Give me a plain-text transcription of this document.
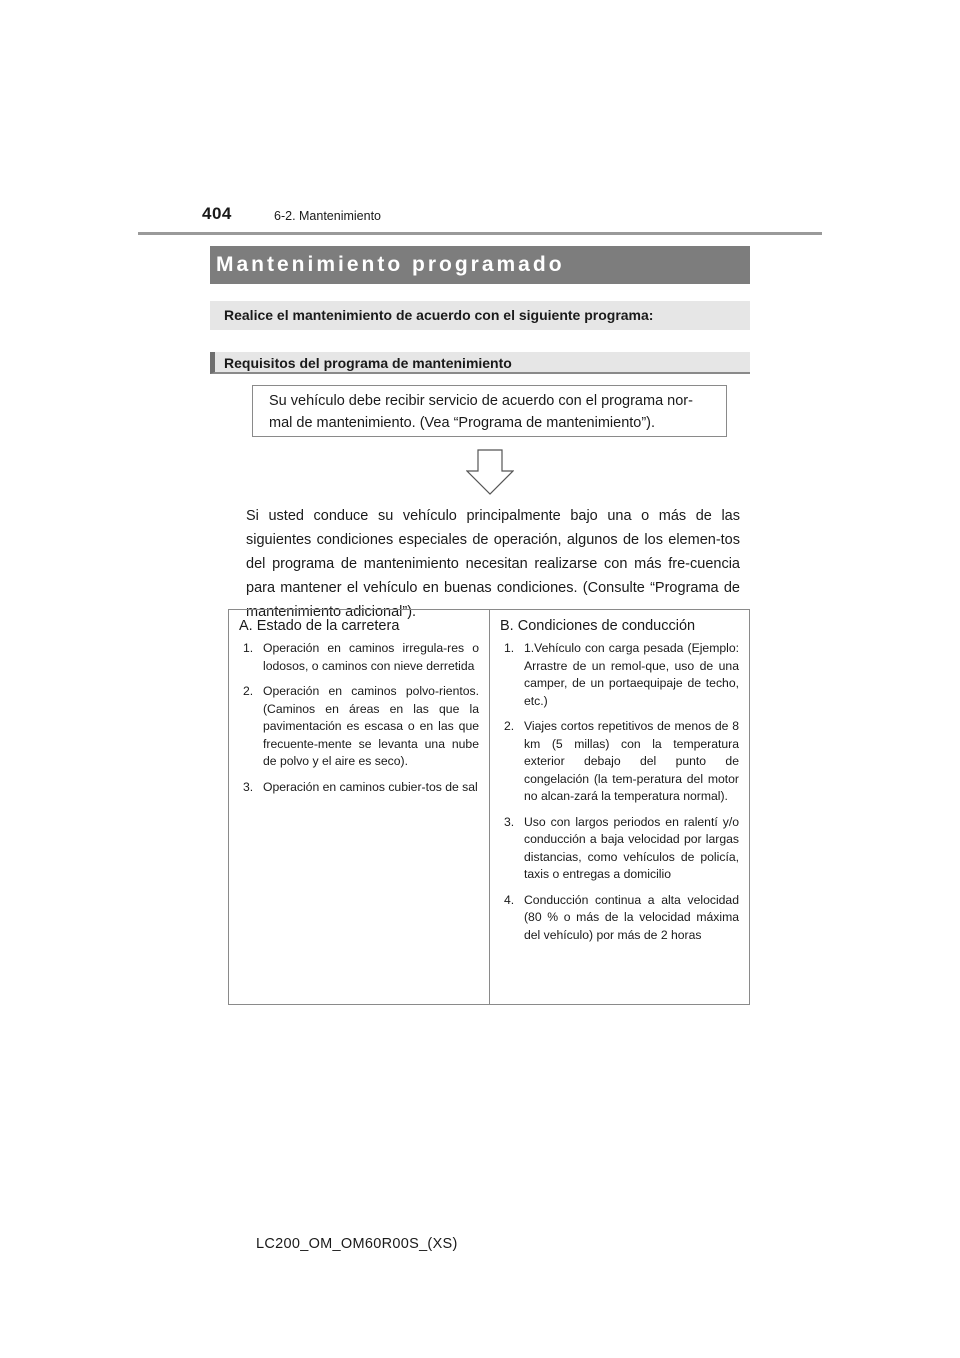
404	6-2. Mantenimiento
Mantenimiento programado
Realice el mantenimiento de acuerdo con el siguiente programa:
Requisitos del programa de mantenimiento
Su vehículo debe recibir servicio de acuerdo con el programa nor-mal de mantenimiento. (Vea “Programa de mantenimiento”).

Si usted conduce su vehículo principalmente bajo una o más de las siguientes condiciones especiales de operación, algunos de los elemen-tos del programa de mantenimiento necesitan realizarse con más fre-cuencia para mantener el vehículo en buenas condiciones. (Consulte “Programa de mantenimiento adicional”).

A. Estado de la carretera
1. Operación en caminos irregula-res o lodosos, o caminos con nieve derretida
2. Operación en caminos polvo-rientos. (Caminos en áreas en las que la pavimentación es escasa o en las que frecuente-mente se levanta una nube de polvo y el aire es seco).
3. Operación en caminos cubier-tos de sal
B. Condiciones de conducción
1. 1.Vehículo con carga pesada (Ejemplo: Arrastre de un remol-que, uso de una camper, de un portaequipaje de techo, etc.)
2. Viajes cortos repetitivos de menos de 8 km (5 millas) con la temperatura exterior debajo del punto de congelación (la tem-peratura del motor no alcan-zará la temperatura normal).
3. Uso con largos periodos en ralentí y/o conducción a baja velocidad por largas distancias, como vehículos de policía, taxis o entregas a domicilio
4. Conducción continua a alta velocidad (80 % o más de la velocidad máxima del vehículo) por más de 2 horas
LC200_OM_OM60R00S_(XS)
